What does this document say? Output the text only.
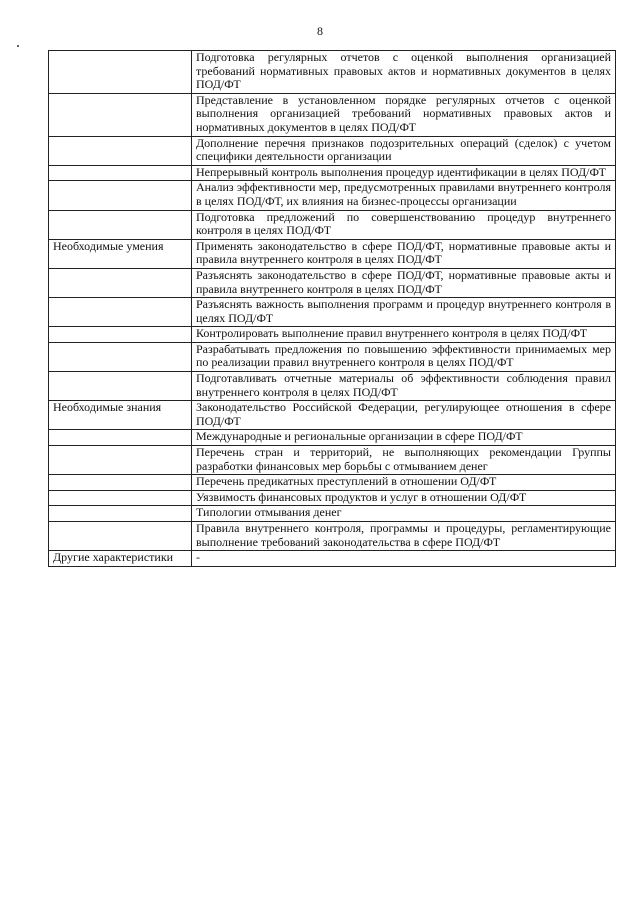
8
	Подготовка регулярных отчетов с оценкой выполнения организацией требований нормативных правовых актов и нормативных документов в целях ПОД/ФТ
	Представление в установленном порядке регулярных отчетов с оценкой выполнения организацией требований нормативных правовых актов и нормативных документов в целях ПОД/ФТ
	Дополнение перечня признаков подозрительных операций (сделок) с учетом специфики деятельности организации
	Непрерывный контроль выполнения процедур идентификации в целях ПОД/ФТ
	Анализ эффективности мер, предусмотренных правилами внутреннего контроля в целях ПОД/ФТ, их влияния на бизнес-процессы организации
	Подготовка предложений по совершенствованию процедур внутреннего контроля в целях ПОД/ФТ
Необходимые умения	Применять законодательство в сфере ПОД/ФТ, нормативные правовые акты и правила внутреннего контроля в целях ПОД/ФТ
	Разъяснять законодательство в сфере ПОД/ФТ, нормативные правовые акты и правила внутреннего контроля в целях ПОД/ФТ
	Разъяснять важность выполнения программ и процедур внутреннего контроля в целях ПОД/ФТ
	Контролировать выполнение правил внутреннего контроля в целях ПОД/ФТ
	Разрабатывать предложения по повышению эффективности принимаемых мер по реализации правил внутреннего контроля в целях ПОД/ФТ
	Подготавливать отчетные материалы об эффективности соблюдения правил внутреннего контроля в целях ПОД/ФТ
Необходимые знания	Законодательство Российской Федерации, регулирующее отношения в сфере ПОД/ФТ
	Международные и региональные организации в сфере ПОД/ФТ
	Перечень стран и территорий, не выполняющих рекомендации Группы разработки финансовых мер борьбы с отмыванием денег
	Перечень предикатных преступлений в отношении ОД/ФТ
	Уязвимость финансовых продуктов и услуг в отношении ОД/ФТ
	Типологии отмывания денег
	Правила внутреннего контроля, программы и процедуры, регламентирующие выполнение требований законодательства в сфере ПОД/ФТ
Другие характеристики	-
